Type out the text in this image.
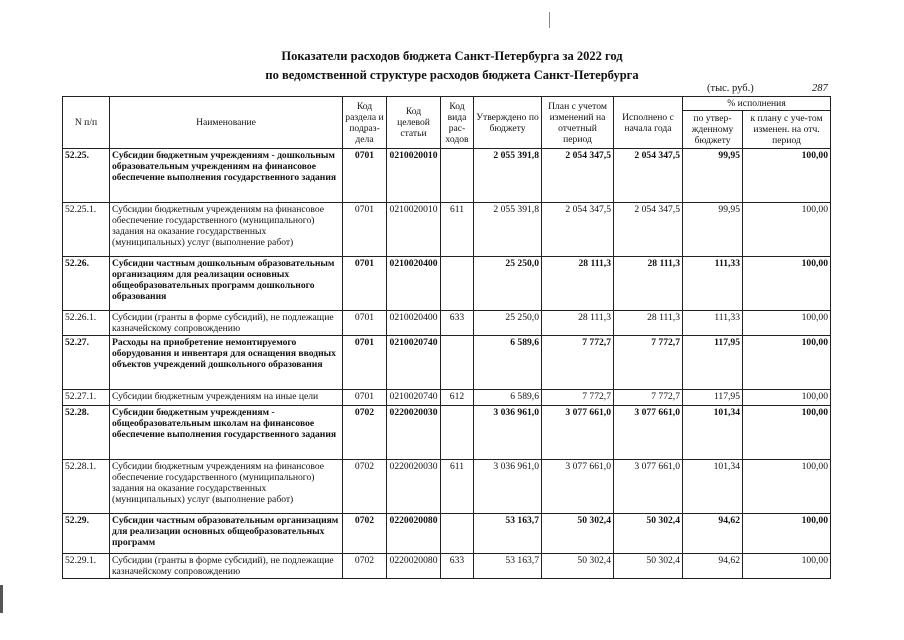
Показатели расходов бюджета Санкт-Петербурга за 2022 год
по ведомственной структуре расходов бюджета Санкт-Петербурга
(тыс. руб.)	287
N п/п	Наименование	Код раздела и подраз-дела	Код целевой статьи	Код вида рас-ходов	Утверждено по бюджету	План с учетом изменений на отчетный период	Исполнено с начала года	% исполнения	
								по утвер-жденному бюджету	к плану с уче-том изменен. на отч. период
52.25.	Субсидии бюджетным учреждениям - дошкольным образовательным учреждениям на финансовое обеспечение выполнения государственного задания	0701	0210020010		2 055 391,8	2 054 347,5	2 054 347,5	99,95	100,00
52.25.1.	Субсидии бюджетным учреждениям на финансовое обеспечение государственного (муниципального) задания на оказание государственных (муниципальных) услуг (выполнение работ)	0701	0210020010	611	2 055 391,8	2 054 347,5	2 054 347,5	99,95	100,00
52.26.	Субсидии частным дошкольным образовательным организациям для реализации основных общеобразовательных программ дошкольного образования	0701	0210020400		25 250,0	28 111,3	28 111,3	111,33	100,00
52.26.1.	Субсидии (гранты в форме субсидий), не подлежащие казначейскому сопровождению	0701	0210020400	633	25 250,0	28 111,3	28 111,3	111,33	100,00
52.27.	Расходы на приобретение немонтируемого оборудования и инвентаря для оснащения вводных объектов учреждений дошкольного образования	0701	0210020740		6 589,6	7 772,7	7 772,7	117,95	100,00
52.27.1.	Субсидии бюджетным учреждениям на иные цели	0701	0210020740	612	6 589,6	7 772,7	7 772,7	117,95	100,00
52.28.	Субсидии бюджетным учреждениям - общеобразовательным школам на финансовое обеспечение выполнения государственного задания	0702	0220020030		3 036 961,0	3 077 661,0	3 077 661,0	101,34	100,00
52.28.1.	Субсидии бюджетным учреждениям на финансовое обеспечение государственного (муниципального) задания на оказание государственных (муниципальных) услуг (выполнение работ)	0702	0220020030	611	3 036 961,0	3 077 661,0	3 077 661,0	101,34	100,00
52.29.	Субсидии частным образовательным организациям для реализации основных общеобразовательных программ	0702	0220020080		53 163,7	50 302,4	50 302,4	94,62	100,00
52.29.1.	Субсидии (гранты в форме субсидий), не подлежащие казначейскому сопровождению	0702	0220020080	633	53 163,7	50 302,4	50 302,4	94,62	100,00
